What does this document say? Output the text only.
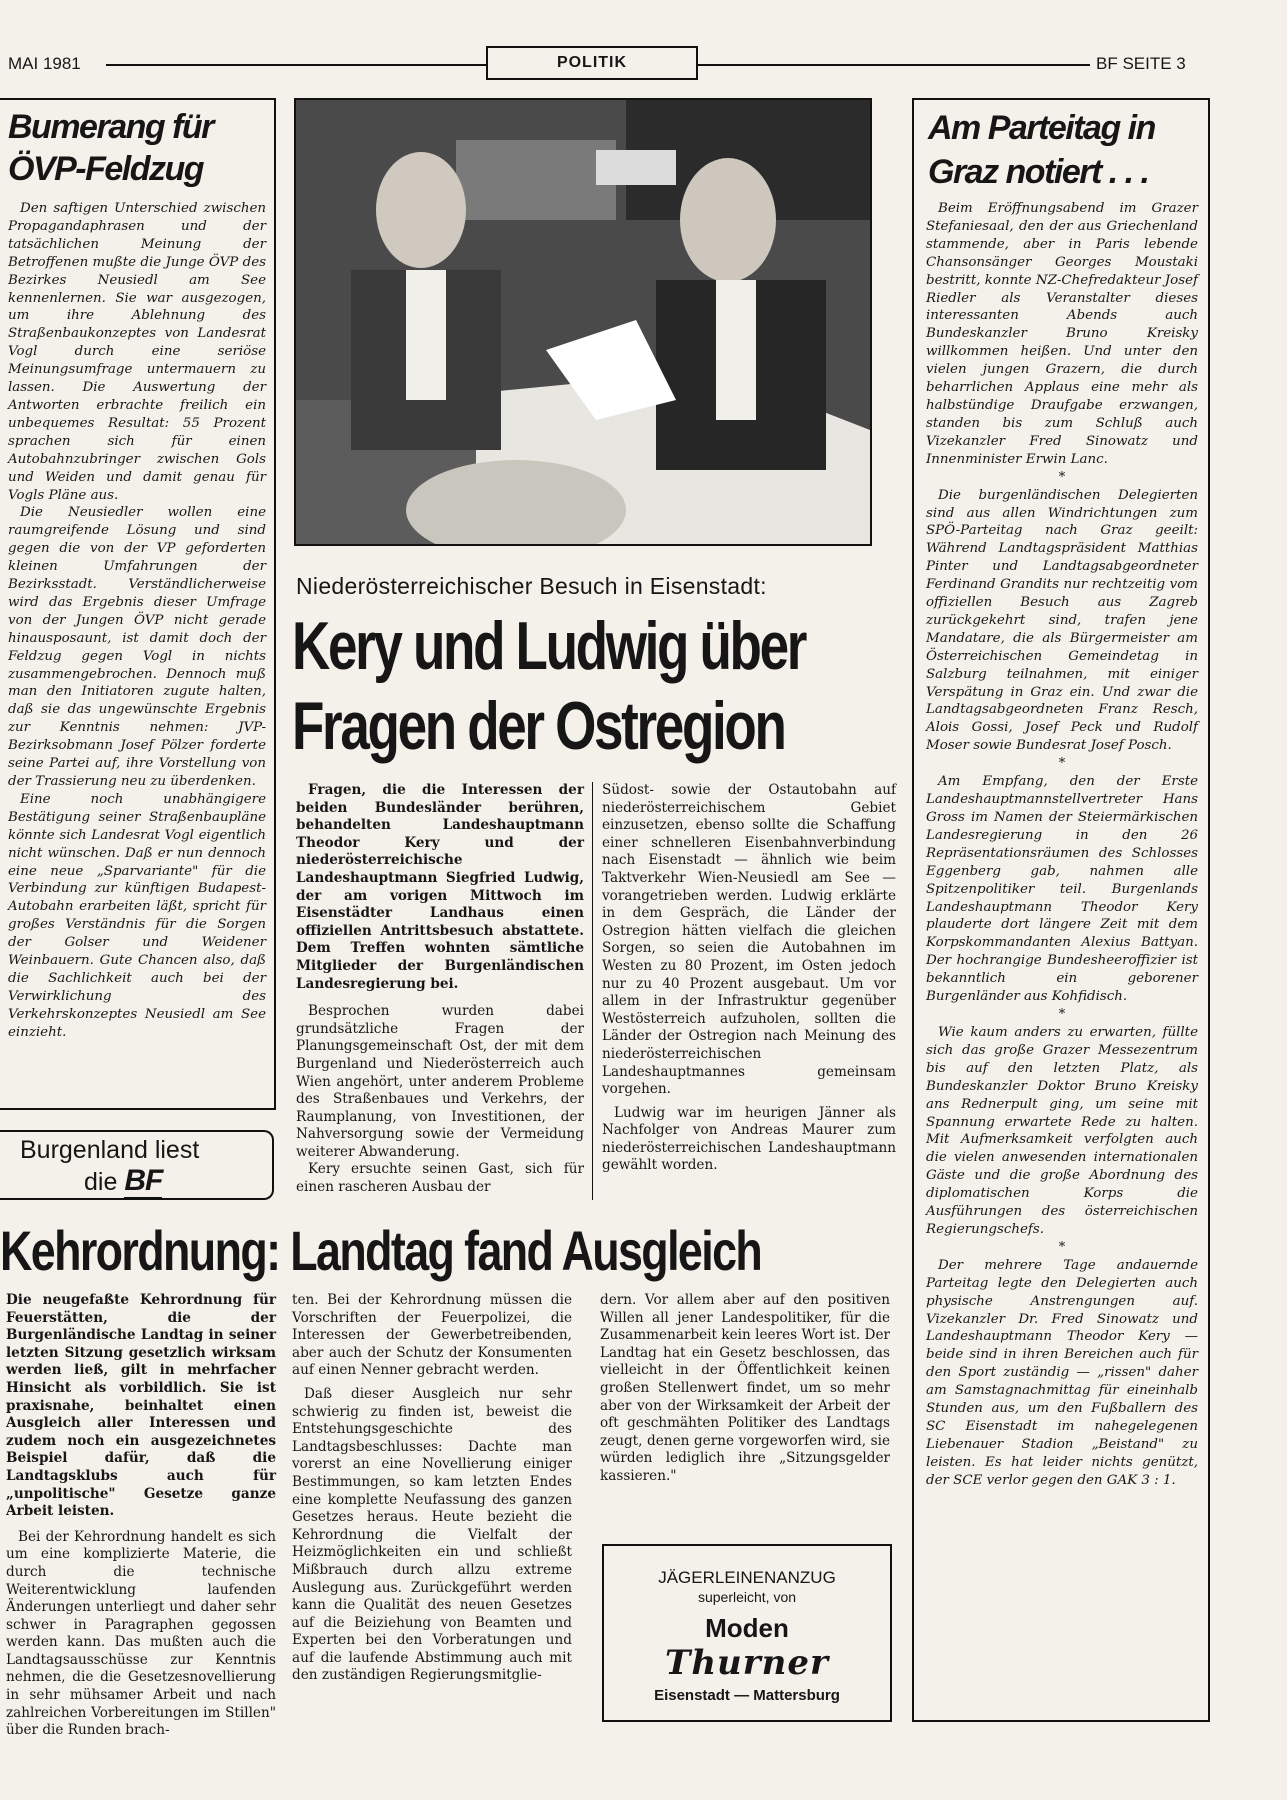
MAI 1981	POLITIK	BF SEITE 3
Bumerang für
ÖVP-Feldzug

Den saftigen Unterschied zwischen Propagandaphrasen und der tatsächlichen Meinung der Betroffenen mußte die Junge ÖVP des Bezirkes Neusiedl am See kennenlernen. Sie war ausgezogen, um ihre Ablehnung des Straßenbaukonzeptes von Landesrat Vogl durch eine seriöse Meinungsumfrage untermauern zu lassen. Die Auswertung der Antworten erbrachte freilich ein unbequemes Resultat: 55 Prozent sprachen sich für einen Autobahnzubringer zwischen Gols und Weiden und damit genau für Vogls Pläne aus.

Die Neusiedler wollen eine raumgreifende Lösung und sind gegen die von der VP geforderten kleinen Umfahrungen der Bezirksstadt. Verständlicherweise wird das Ergebnis dieser Umfrage von der Jungen ÖVP nicht gerade hinausposaunt, ist damit doch der Feldzug gegen Vogl in nichts zusammengebrochen. Dennoch muß man den Initiatoren zugute halten, daß sie das ungewünschte Ergebnis zur Kenntnis nehmen: JVP-Bezirksobmann Josef Pölzer forderte seine Partei auf, ihre Vorstellung von der Trassierung neu zu überdenken.

Eine noch unabhängigere Bestätigung seiner Straßenbaupläne könnte sich Landesrat Vogl eigentlich nicht wünschen. Daß er nun dennoch eine neue „Sparvariante" für die Verbindung zur künftigen Budapest-Autobahn erarbeiten läßt, spricht für großes Verständnis für die Sorgen der Golser und Weidener Weinbauern. Gute Chancen also, daß die Sachlichkeit auch bei der Verwirklichung des Verkehrskonzeptes Neusiedl am See einzieht.

Burgenland liest
die BF
Niederösterreichischer Besuch in Eisenstadt:
Kery und Ludwig über
Fragen der Ostregion

Fragen, die die Interessen der beiden Bundesländer berühren, behandelten Landeshauptmann Theodor Kery und der niederösterreichische Landeshauptmann Siegfried Ludwig, der am vorigen Mittwoch im Eisenstädter Landhaus einen offiziellen Antrittsbesuch abstattete. Dem Treffen wohnten sämtliche Mitglieder der Burgenländischen Landesregierung bei.

Besprochen wurden dabei grundsätzliche Fragen der Planungsgemeinschaft Ost, der mit dem Burgenland und Niederösterreich auch Wien angehört, unter anderem Probleme des Straßenbaues und Verkehrs, der Raumplanung, von Investitionen, der Nahversorgung sowie der Vermeidung weiterer Abwanderung.

Kery ersuchte seinen Gast, sich für einen rascheren Ausbau der

Südost- sowie der Ostautobahn auf niederösterreichischem Gebiet einzusetzen, ebenso sollte die Schaffung einer schnelleren Eisenbahnverbindung nach Eisenstadt — ähnlich wie beim Taktverkehr Wien-Neusiedl am See — vorangetrieben werden. Ludwig erklärte in dem Gespräch, die Länder der Ostregion hätten vielfach die gleichen Sorgen, so seien die Autobahnen im Westen zu 80 Prozent, im Osten jedoch nur zu 40 Prozent ausgebaut. Um vor allem in der Infrastruktur gegenüber Westösterreich aufzuholen, sollten die Länder der Ostregion nach Meinung des niederösterreichischen Landeshauptmannes gemeinsam vorgehen.

Ludwig war im heurigen Jänner als Nachfolger von Andreas Maurer zum niederösterreichischen Landeshauptmann gewählt worden.

Am Parteitag in
Graz notiert . . .

Beim Eröffnungsabend im Grazer Stefaniesaal, den der aus Griechenland stammende, aber in Paris lebende Chansonsänger Georges Moustaki bestritt, konnte NZ-Chefredakteur Josef Riedler als Veranstalter dieses interessanten Abends auch Bundeskanzler Bruno Kreisky willkommen heißen. Und unter den vielen jungen Grazern, die durch beharrlichen Applaus eine mehr als halbstündige Draufgabe erzwangen, standen bis zum Schluß auch Vizekanzler Fred Sinowatz und Innenminister Erwin Lanc.

*

Die burgenländischen Delegierten sind aus allen Windrichtungen zum SPÖ-Parteitag nach Graz geeilt: Während Landtagspräsident Matthias Pinter und Landtagsabgeordneter Ferdinand Grandits nur rechtzeitig vom offiziellen Besuch aus Zagreb zurückgekehrt sind, trafen jene Mandatare, die als Bürgermeister am Österreichischen Gemeindetag in Salzburg teilnahmen, mit einiger Verspätung in Graz ein. Und zwar die Landtagsabgeordneten Franz Resch, Alois Gossi, Josef Peck und Rudolf Moser sowie Bundesrat Josef Posch.

*

Am Empfang, den der Erste Landeshauptmannstellvertreter Hans Gross im Namen der Steiermärkischen Landesregierung in den 26 Repräsentationsräumen des Schlosses Eggenberg gab, nahmen alle Spitzenpolitiker teil. Burgenlands Landeshauptmann Theodor Kery plauderte dort längere Zeit mit dem Korpskommandanten Alexius Battyan. Der hochrangige Bundesheeroffizier ist bekanntlich ein geborener Burgenländer aus Kohfidisch.

*

Wie kaum anders zu erwarten, füllte sich das große Grazer Messezentrum bis auf den letzten Platz, als Bundeskanzler Doktor Bruno Kreisky ans Rednerpult ging, um seine mit Spannung erwartete Rede zu halten. Mit Aufmerksamkeit verfolgten auch die vielen anwesenden internationalen Gäste und die große Abordnung des diplomatischen Korps die Ausführungen des österreichischen Regierungschefs.

*

Der mehrere Tage andauernde Parteitag legte den Delegierten auch physische Anstrengungen auf. Vizekanzler Dr. Fred Sinowatz und Landeshauptmann Theodor Kery — beide sind in ihren Bereichen auch für den Sport zuständig — „rissen" daher am Samstagnachmittag für eineinhalb Stunden aus, um den Fußballern des SC Eisenstadt im nahegelegenen Liebenauer Stadion „Beistand" zu leisten. Es hat leider nichts genützt, der SCE verlor gegen den GAK 3 : 1.

Kehrordnung: Landtag fand Ausgleich

Die neugefaßte Kehrordnung für Feuerstätten, die der Burgenländische Landtag in seiner letzten Sitzung gesetzlich wirksam werden ließ, gilt in mehrfacher Hinsicht als vorbildlich. Sie ist praxisnahe, beinhaltet einen Ausgleich aller Interessen und zudem noch ein ausgezeichnetes Beispiel dafür, daß die Landtagsklubs auch für „unpolitische" Gesetze ganze Arbeit leisten.

Bei der Kehrordnung handelt es sich um eine komplizierte Materie, die durch die technische Weiterentwicklung laufenden Änderungen unterliegt und daher sehr schwer in Paragraphen gegossen werden kann. Das mußten auch die Landtagsausschüsse zur Kenntnis nehmen, die die Gesetzesnovellierung in sehr mühsamer Arbeit und nach zahlreichen Vorbereitungen im Stillen" über die Runden brach-

ten. Bei der Kehrordnung müssen die Vorschriften der Feuerpolizei, die Interessen der Gewerbetreibenden, aber auch der Schutz der Konsumenten auf einen Nenner gebracht werden.

Daß dieser Ausgleich nur sehr schwierig zu finden ist, beweist die Entstehungsgeschichte des Landtagsbeschlusses: Dachte man vorerst an eine Novellierung einiger Bestimmungen, so kam letzten Endes eine komplette Neufassung des ganzen Gesetzes heraus. Heute bezieht die Kehrordnung die Vielfalt der Heizmöglichkeiten ein und schließt Mißbrauch durch allzu extreme Auslegung aus. Zurückgeführt werden kann die Qualität des neuen Gesetzes auf die Beiziehung von Beamten und Experten bei den Vorberatungen und auf die laufende Abstimmung auch mit den zuständigen Regierungsmitglie-

dern. Vor allem aber auf den positiven Willen all jener Landespolitiker, für die Zusammenarbeit kein leeres Wort ist. Der Landtag hat ein Gesetz beschlossen, das vielleicht in der Öffentlichkeit keinen großen Stellenwert findet, um so mehr aber von der Wirksamkeit der Arbeit der oft geschmähten Politiker des Landtags zeugt, denen gerne vorgeworfen wird, sie würden lediglich ihre „Sitzungsgelder kassieren."

JÄGERLEINENANZUG
superleicht, von
Moden
Thurner
Eisenstadt — Mattersburg
